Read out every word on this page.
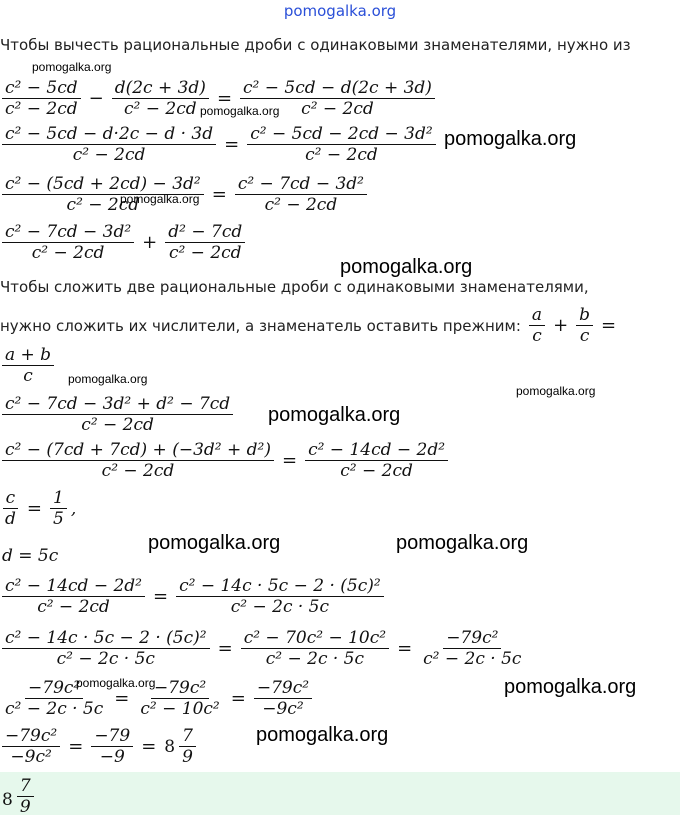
pomogalka.org
Чтобы вычесть рациональные дроби с одинаковыми знаменателями, нужно из
$\frac{\text{c² − 5cd}}{\text{c² − 2cd}} - \frac{d(2c + 3d)}{\text{c² − 2cd}} = \frac{\text{c² − 5cd − d(2c + 3d)}}{\text{c² − 2cd}}$
$\frac{\text{c² − 5cd − d·2c − d · 3d}}{\text{c² − 2cd}} = \frac{\text{c² − 5cd − 2cd − 3d²}}{\text{c² − 2cd}}$
$\frac{\text{c² − (5cd + 2cd) − 3d²}}{\text{c² − 2cd}} = \frac{\text{c² − 7cd − 3d²}}{\text{c² − 2cd}}$
$\frac{\text{c² − 7cd − 3d²}}{\text{c² − 2cd}} + \frac{\text{d² − 7cd}}{\text{c² − 2cd}}$
Чтобы сложить две рациональные дроби с одинаковыми знаменателями,
нужно сложить их числители, а знаменатель оставить прежним: $\frac{a}{c} + \frac{b}{c}$ =
$\frac{a + b}{c}$
$\frac{\text{c² − 7cd − 3d² + d² − 7cd}}{\text{c² − 2cd}}$
$\frac{\text{c² − (7cd + 7cd) + (−3d² + d²)}}{\text{c² − 2cd}} = \frac{\text{c² − 14cd − 2d²}}{\text{c² − 2cd}}$
$\frac{c}{d} = \frac{1}{5}$ ,
d = 5c
$\frac{\text{c² − 14cd − 2d²}}{\text{c² − 2cd}} = \frac{\text{c² − 14c · 5c − 2 · (5c)²}}{\text{c² − 2c · 5c}}$
$\frac{\text{c² − 14c · 5c − 2 · (5c)²}}{\text{c² − 2c · 5c}} = \frac{\text{c² − 70c² − 10c²}}{\text{c² − 2c · 5c}} = \frac{\text{−79c²}}{\text{c² − 2c · 5c}}$
$\frac{\text{−79c²}}{\text{c² − 2c · 5c}} = \frac{\text{−79c²}}{\text{c² − 10c²}} = \frac{\text{−79c²}}{\text{−9c²}}$
$\frac{\text{−79c²}}{\text{−9c²}} = \frac{-79}{-9} = 8 \frac{7}{9}$
$8 \frac{7}{9}$
pomogalka.org
pomogalka.org
pomogalka.org
pomogalka.org
pomogalka.org
pomogalka.org
pomogalka.org
pomogalka.org
pomogalka.org	pomogalka.org
pomogalka.org	pomogalka.org
pomogalka.org
